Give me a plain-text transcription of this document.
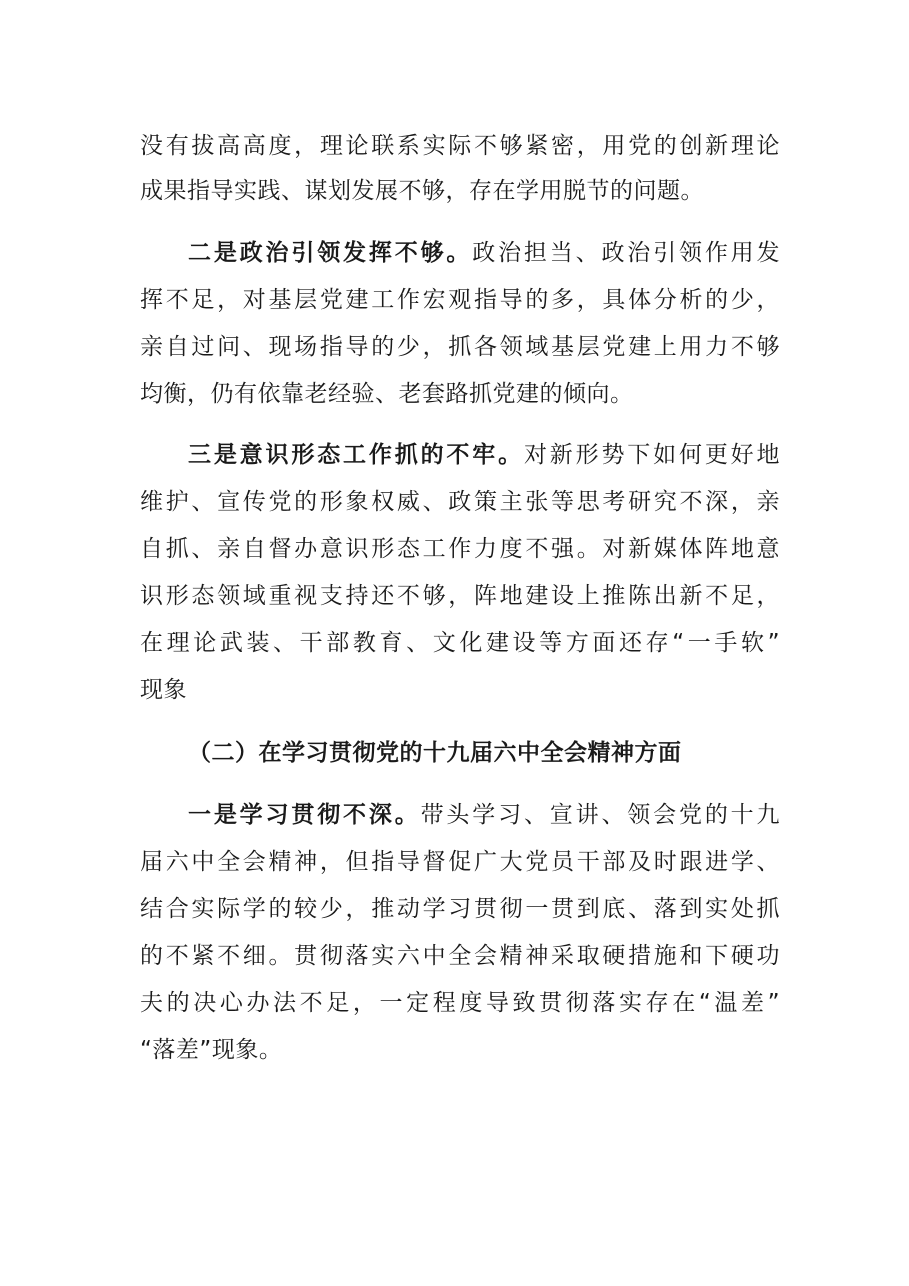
没有拔高高度，理论联系实际不够紧密，用党的创新理论
成果指导实践、谋划发展不够，存在学用脱节的问题。
二是政治引领发挥不够。政治担当、政治引领作用发
挥不足，对基层党建工作宏观指导的多，具体分析的少，
亲自过问、现场指导的少，抓各领域基层党建上用力不够
均衡，仍有依靠老经验、老套路抓党建的倾向。
三是意识形态工作抓的不牢。对新形势下如何更好地
维护、宣传党的形象权威、政策主张等思考研究不深，亲
自抓、亲自督办意识形态工作力度不强。对新媒体阵地意
识形态领域重视支持还不够，阵地建设上推陈出新不足，
在理论武装、干部教育、文化建设等方面还存“一手软”
现象
（二）在学习贯彻党的十九届六中全会精神方面
一是学习贯彻不深。带头学习、宣讲、领会党的十九
届六中全会精神，但指导督促广大党员干部及时跟进学、
结合实际学的较少，推动学习贯彻一贯到底、落到实处抓
的不紧不细。贯彻落实六中全会精神采取硬措施和下硬功
夫的决心办法不足，一定程度导致贯彻落实存在“温差”
“落差”现象。
